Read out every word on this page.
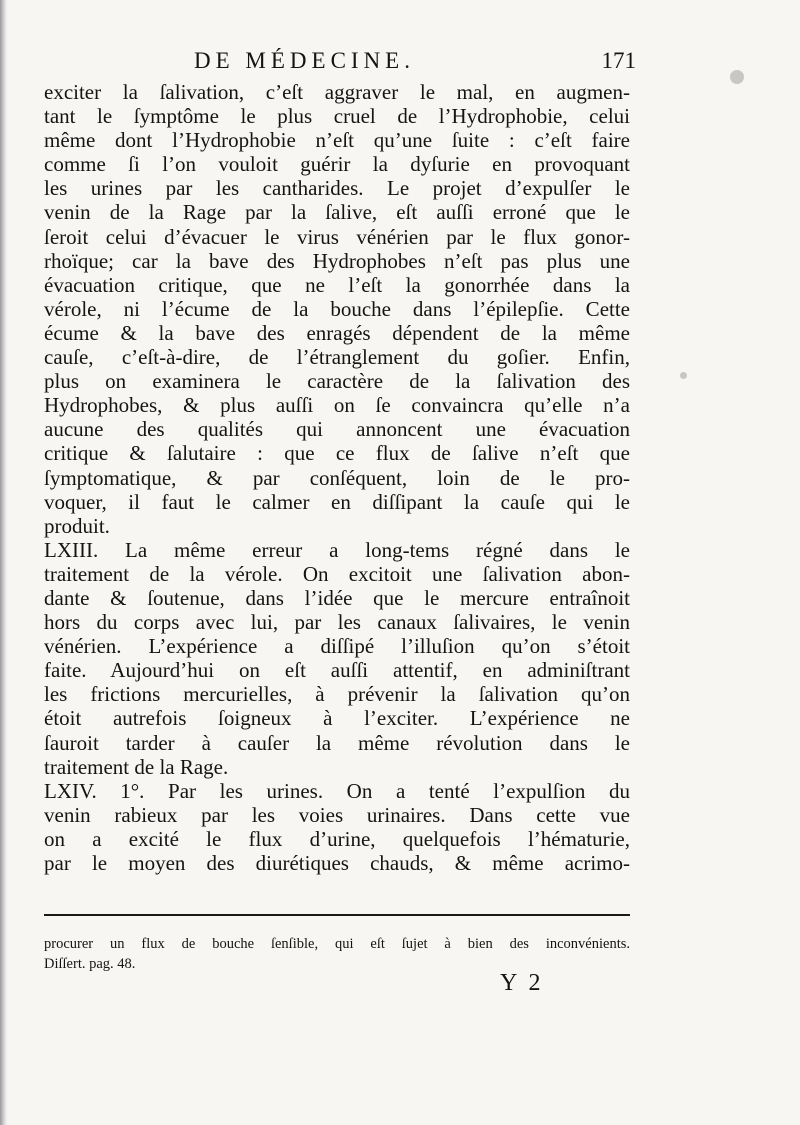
DE MÉDECINE.	171
exciter la ſalivation, c’eſt aggraver le mal, en augmen-
tant le ſymptôme le plus cruel de l’Hydrophobie, celui
même dont l’Hydrophobie n’eſt qu’une ſuite : c’eſt faire
comme ſi l’on vouloit guérir la dyſurie en provoquant
les urines par les cantharides. Le projet d’expulſer le
venin de la Rage par la ſalive, eſt auſſi erroné que le
ſeroit celui d’évacuer le virus vénérien par le flux gonor-
rhoïque; car la bave des Hydrophobes n’eſt pas plus une
évacuation critique, que ne l’eſt la gonorrhée dans la
vérole, ni l’écume de la bouche dans l’épilepſie. Cette
écume & la bave des enragés dépendent de la même
cauſe, c’eſt-à-dire, de l’étranglement du goſier. Enfin,
plus on examinera le caractère de la ſalivation des
Hydrophobes, & plus auſſi on ſe convaincra qu’elle n’a
aucune des qualités qui annoncent une évacuation
critique & ſalutaire : que ce flux de ſalive n’eſt que
ſymptomatique, & par conſéquent, loin de le pro-
voquer, il faut le calmer en diſſipant la cauſe qui le
produit.
LXIII. La même erreur a long-tems régné dans le
traitement de la vérole. On excitoit une ſalivation abon-
dante & ſoutenue, dans l’idée que le mercure entraînoit
hors du corps avec lui, par les canaux ſalivaires, le venin
vénérien. L’expérience a diſſipé l’illuſion qu’on s’étoit
faite. Aujourd’hui on eſt auſſi attentif, en adminiſtrant
les frictions mercurielles, à prévenir la ſalivation qu’on
étoit autrefois ſoigneux à l’exciter. L’expérience ne
ſauroit tarder à cauſer la même révolution dans le
traitement de la Rage.
LXIV. 1°. Par les urines. On a tenté l’expulſion du
venin rabieux par les voies urinaires. Dans cette vue
on a excité le flux d’urine, quelquefois l’hématurie,
par le moyen des diurétiques chauds, & même acrimo-
procurer un flux de bouche ſenſible, qui eſt ſujet à bien des inconvénients.
Diſſert. pag. 48.
Y 2
